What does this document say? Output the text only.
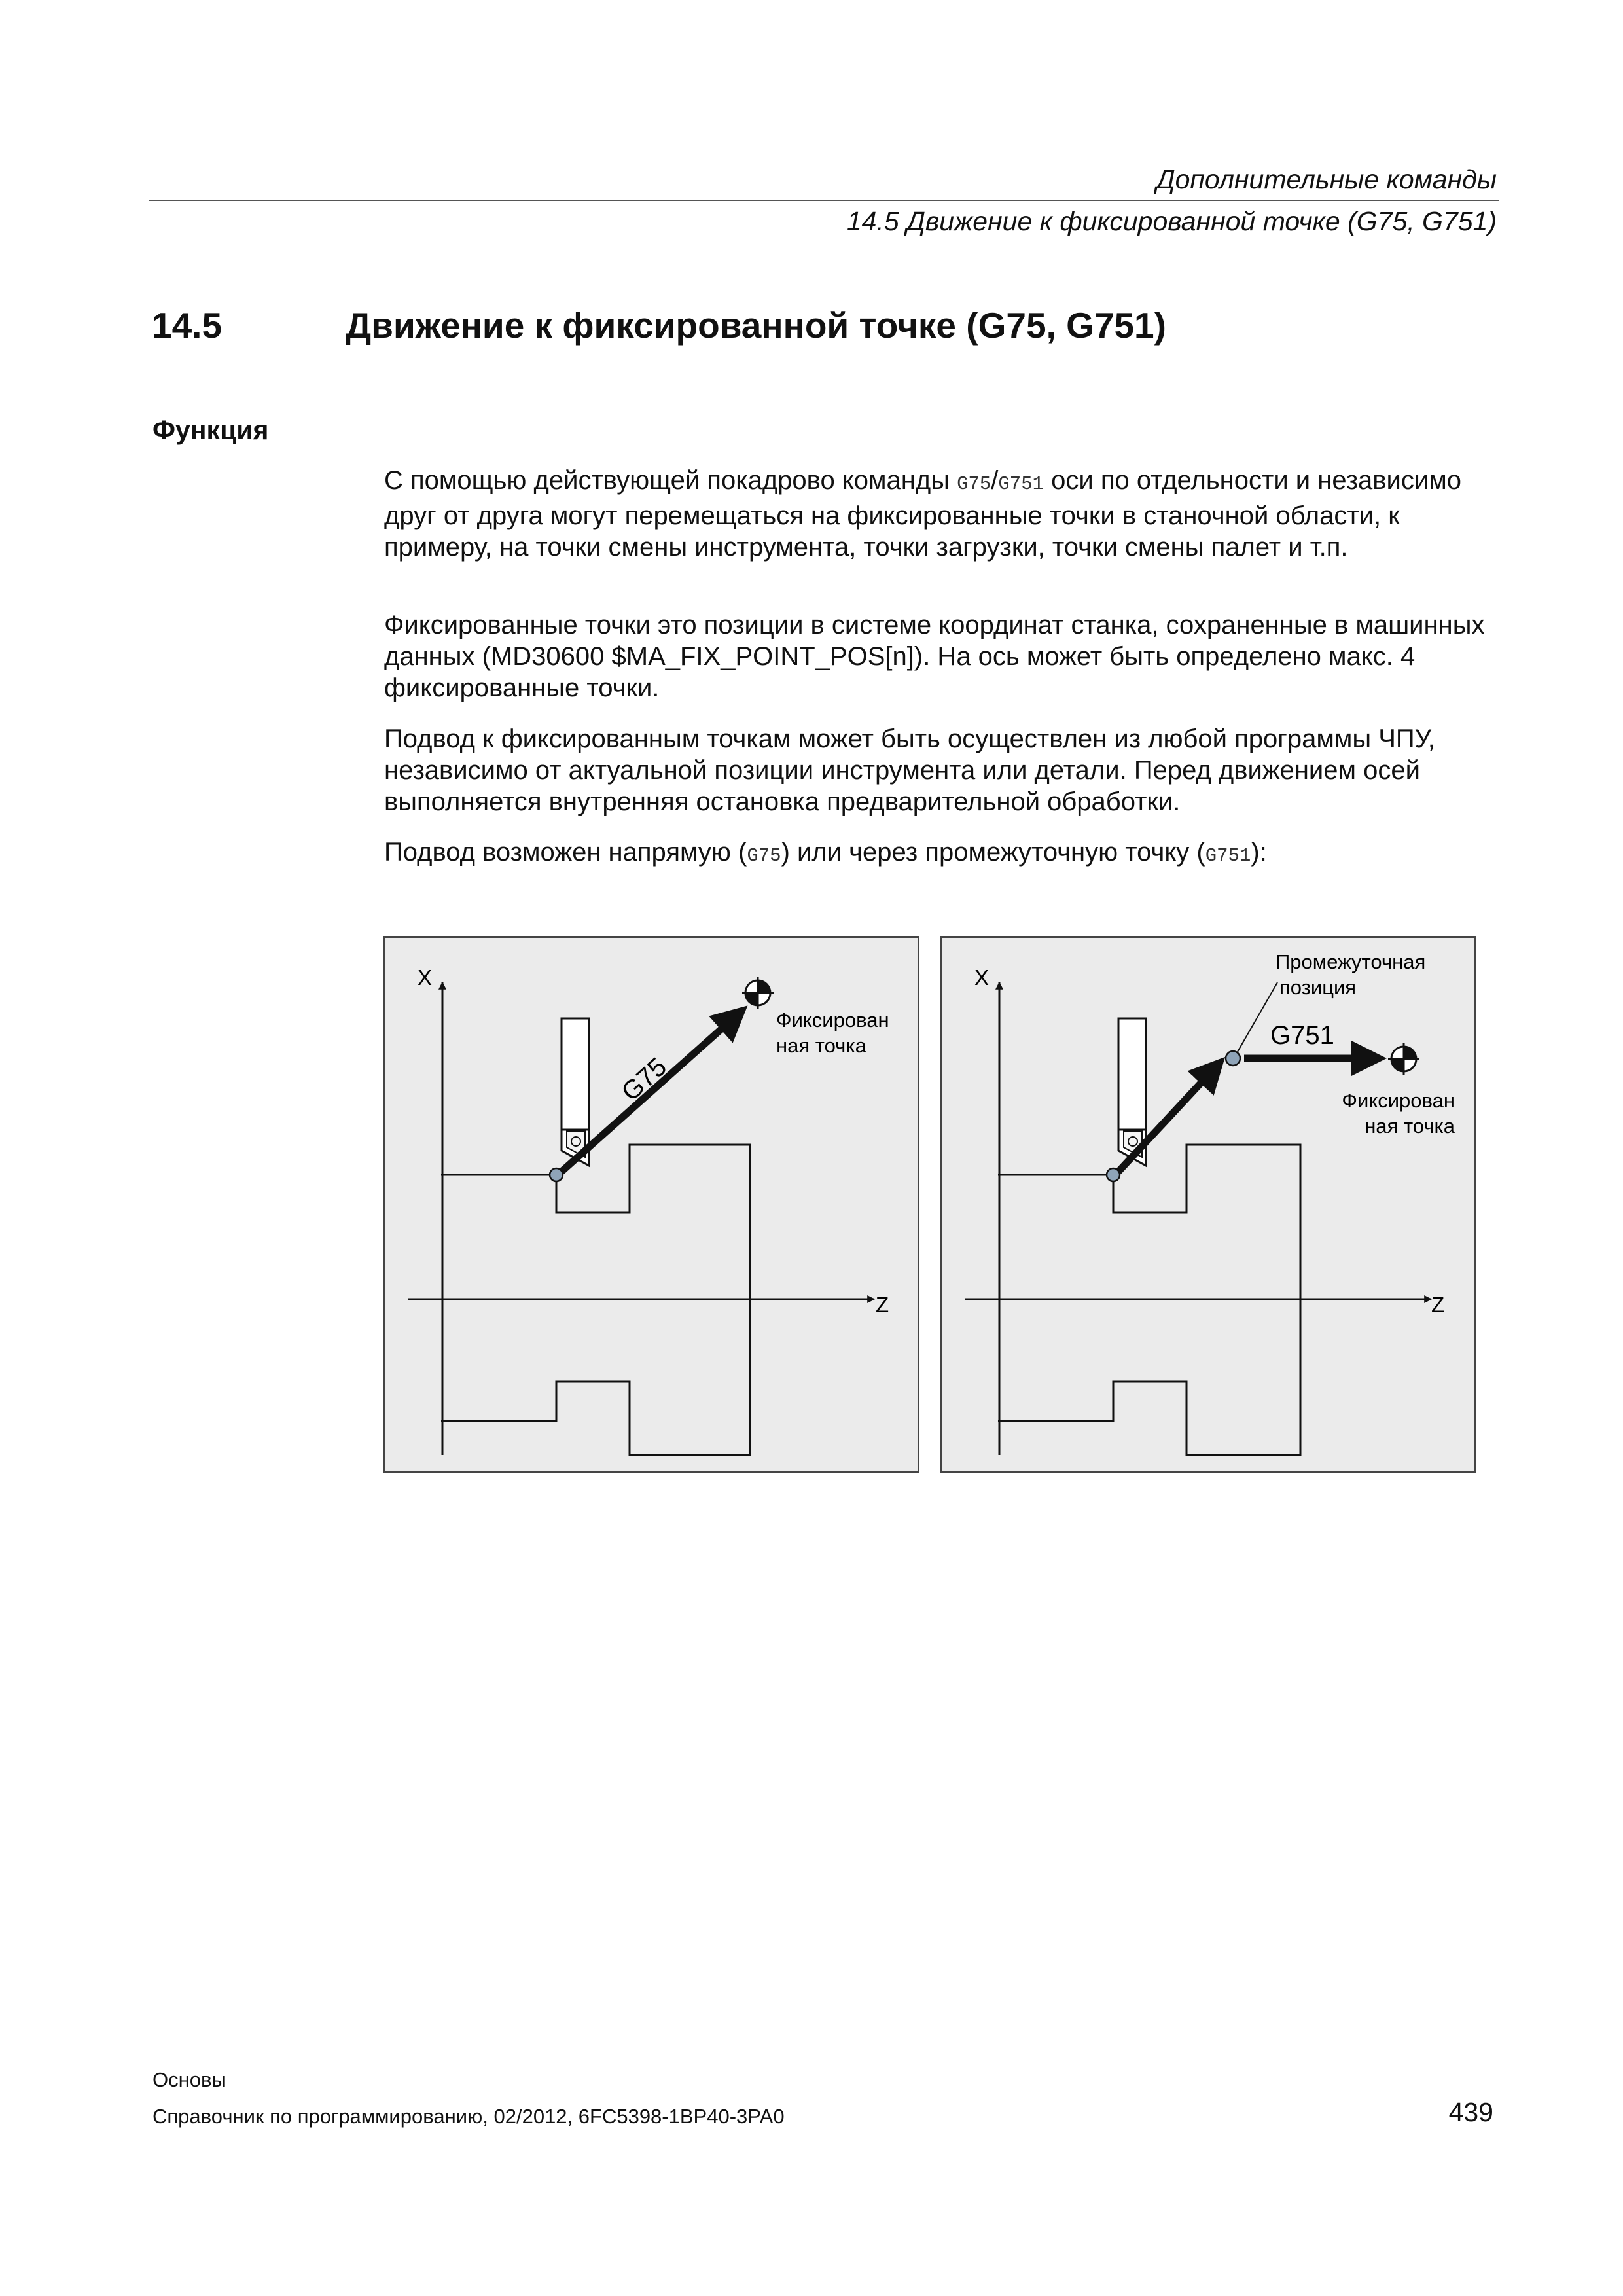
Дополнительные команды
14.5 Движение к фиксированной точке (G75, G751)
14.5	Движение к фиксированной точке (G75, G751)
Функция

С помощью действующей покадрово команды G75/G751 оси по отдельности и независимо друг от друга могут перемещаться на фиксированные точки в станочной области, к примеру, на точки смены инструмента, точки загрузки, точки смены палет и т.п.

Фиксированные точки это позиции в системе координат станка, сохраненные в машинных данных (MD30600 $MA_FIX_POINT_POS[n]). На ось может быть определено макс. 4 фиксированные точки.

Подвод к фиксированным точкам может быть осуществлен из любой программы ЧПУ, независимо от актуальной позиции инструмента или детали. Перед движением осей выполняется внутренняя остановка предварительной обработки.

Подвод возможен напрямую (G75) или через промежуточную точку (G751):

X
Z
G75
Фиксирован
ная точка
X
Z
G751
Промежуточная
позиция
Фиксирован
ная точка
Основы
Справочник по программированию, 02/2012, 6FC5398-1BP40-3PA0	439
